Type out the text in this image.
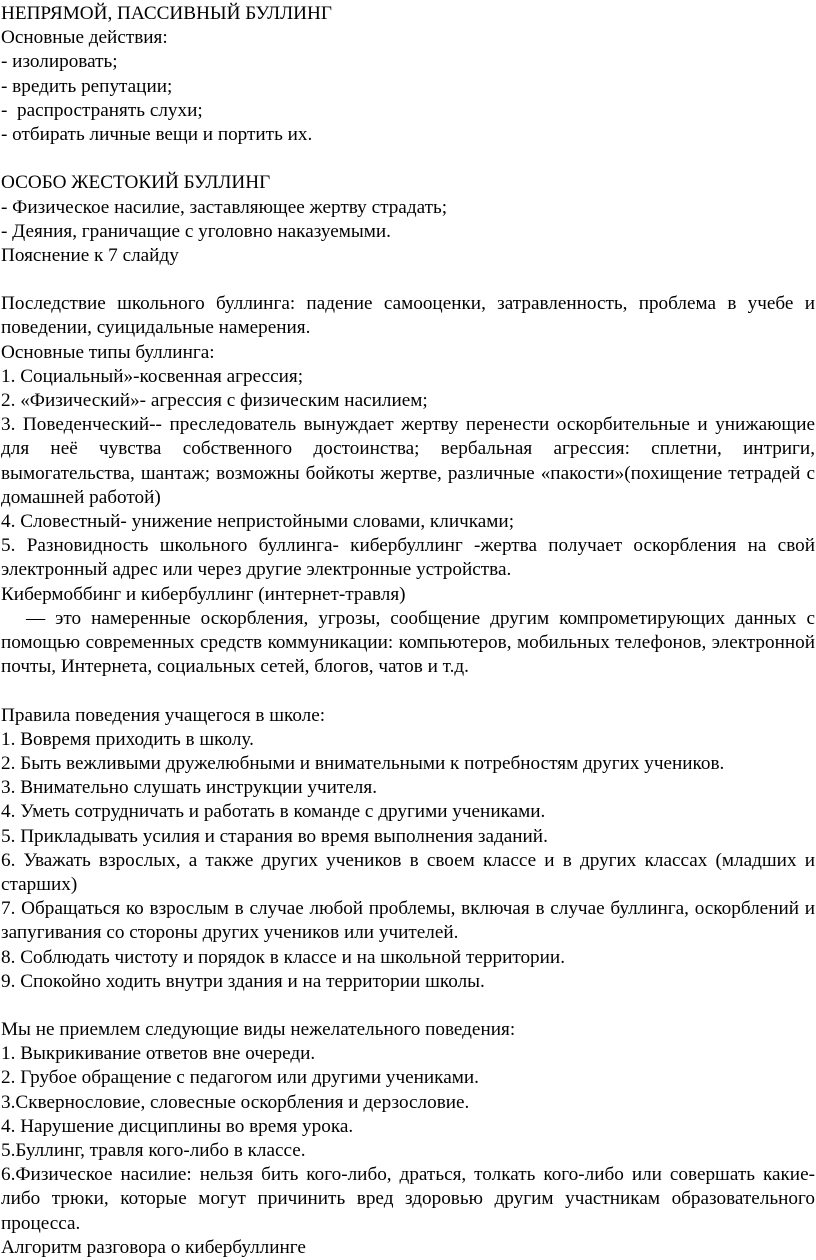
НЕПРЯМОЙ, ПАССИВНЫЙ БУЛЛИНГ
Основные действия:
- изолировать;
- вредить репутации;
-  распространять слухи;
- отбирать личные вещи и портить их.
ОСОБО ЖЕСТОКИЙ БУЛЛИНГ
- Физическое насилие, заставляющее жертву страдать;
- Деяния, граничащие с уголовно наказуемыми.
Пояснение к 7 слайду

Последствие школьного буллинга: падение самооценки, затравленность, проблема в учебе и поведении, суицидальные намерения.

Основные типы буллинга:
1. Социальный»-косвенная агрессия;
2. «Физический»- агрессия с физическим насилием;

3. Поведенческий-- преследователь вынуждает жертву перенести оскорбительные и унижающие для неё чувства собственного достоинства; вербальная агрессия: сплетни, интриги, вымогательства, шантаж; возможны бойкоты жертве, различные «пакости»(похищение тетрадей с домашней работой)

4. Словестный- унижение непристойными словами, кличками;

5. Разновидность школьного буллинга- кибербуллинг -жертва получает оскорбления на свой электронный адрес или через другие электронные устройства.

Кибермоббинг и кибербуллинг (интернет-травля)

  — это намеренные оскорбления, угрозы, сообщение другим компрометирующих данных с помощью современных средств коммуникации: компьютеров, мобильных телефонов, электронной почты, Интернета, социальных сетей, блогов, чатов и т.д.

Правила поведения учащегося в школе:
1. Вовремя приходить в школу.
2. Быть вежливыми дружелюбными и внимательными к потребностям других учеников.
3. Внимательно слушать инструкции учителя.
4. Уметь сотрудничать и работать в команде с другими учениками.
5. Прикладывать усилия и старания во время выполнения заданий.

6. Уважать взрослых, а также других учеников в своем классе и в других классах (младших и старших)

7. Обращаться ко взрослым в случае любой проблемы, включая в случае буллинга, оскорблений и запугивания со стороны других учеников или учителей.

8. Соблюдать чистоту и порядок в классе и на школьной территории.
9. Спокойно ходить внутри здания и на территории школы.
Мы не приемлем следующие виды нежелательного поведения:
1. Выкрикивание ответов вне очереди.
2. Грубое обращение с педагогом или другими учениками.
3.Сквернословие, словесные оскорбления и дерзословие.
4. Нарушение дисциплины во время урока.
5.Буллинг, травля кого-либо в классе.

6.Физическое насилие: нельзя бить кого-либо, драться, толкать кого-либо или совершать какие-либо трюки, которые могут причинить вред здоровью другим участникам образовательного процесса.

Алгоритм разговора о кибербуллинге
